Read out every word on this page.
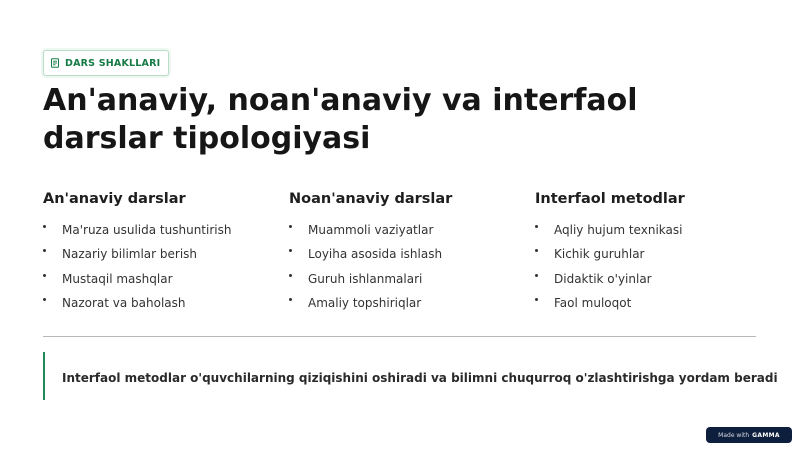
DARS SHAKLLARI
An'anaviy, noan'anaviy va interfaol darslar tipologiyasi
An'anaviy darslar
Ma'ruza usulida tushuntirish
Nazariy bilimlar berish
Mustaqil mashqlar
Nazorat va baholash
Noan'anaviy darslar
Muammoli vaziyatlar
Loyiha asosida ishlash
Guruh ishlanmalari
Amaliy topshiriqlar
Interfaol metodlar
Aqliy hujum texnikasi
Kichik guruhlar
Didaktik o'yinlar
Faol muloqot
Interfaol metodlar o'quvchilarning qiziqishini oshiradi va bilimni chuqurroq o'zlashtirishga yordam beradi
Made with GAMMA
